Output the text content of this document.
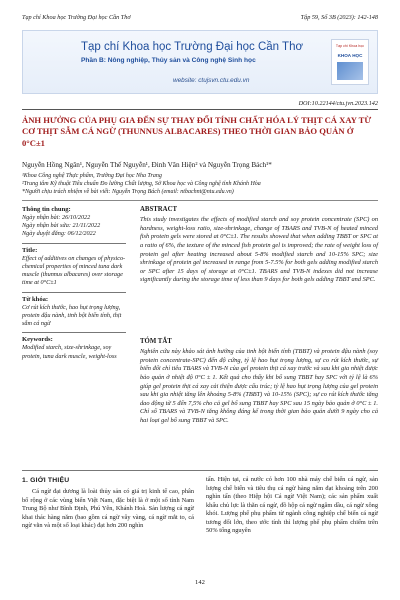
Tạp chí Khoa học Trường Đại học Cần Thơ	Tập 59, Số 3B (2023): 142-148
Tạp chí Khoa học Trường Đại học Cần Thơ
Phần B: Nông nghiệp, Thủy sản và Công nghệ Sinh học
website: ctujsvn.ctu.edu.vn
Tạp chí Khoa học
KHOA HỌC
DOI:10.22144/ctu.jvn.2023.142
ẢNH HƯỞNG CỦA PHỤ GIA ĐẾN SỰ THAY ĐỔI TÍNH CHẤT HÓA LÝ THỊT CÁ XAY TỪ CƠ THỊT SẪM CÁ NGỪ (THUNNUS ALBACARES) THEO THỜI GIAN BẢO QUẢN Ở 0°C±1
Nguyễn Hồng Ngân¹, Nguyễn Thế Nguyễn¹, Đinh Văn Hiện² và Nguyễn Trọng Bách¹*
¹Khoa Công nghệ Thực phẩm, Trường Đại học Nha Trang
²Trung tâm Kỹ thuật Tiêu chuẩn Đo lường Chất lượng, Sở Khoa học và Công nghệ tỉnh Khánh Hòa
*Người chịu trách nhiệm về bài viết: Nguyễn Trọng Bách (email: ntbachnt@ntu.edu.vn)
Thông tin chung:
Ngày nhận bài: 26/10/2022
Ngày nhận bài sửa: 21/11/2022
Ngày duyệt đăng: 06/12/2022
Title:
Effect of additives on changes of physico-chemical properties of minced tuna dark muscle (thunnus albacares) over storage time at 0°C±1
Từ khóa:
Cơ rút kích thước, hao hụt trọng lượng, protein đậu nành, tinh bột biến tính, thịt sẫm cá ngừ
Keywords:
Modified starch, size-shrinkage, soy protein, tuna dark muscle, weight-loss
ABSTRACT

This study investigates the effects of modified starch and soy protein concentrate (SPC) on hardness, weight-loss ratio, size-shrinkage, change of TBARS and TVB-N of heated minced fish protein gels were stored at 0°C±1. The results showed that when adding TBBT or SPC at a ratio of 6%, the texture of the minced fish protein gel is improved; the rate of weight loss of protein gel after heating increased about 5-8% modified starch and 10-15% SPC; size shrinkage of protein gel increased in range from 5-7.5% for both gels adding modified starch or SPC after 15 days of storage at 0°C±1. TBARS and TVB-N indexes did not increase significantly during the storage time of less than 9 days for both gels adding TBBT and SPC.

TÓM TẮT

Nghiên cứu này khảo sát ảnh hưởng của tinh bột biến tính (TBBT) và protein đậu nành (soy protein concentrate-SPC) đến độ cứng, tỷ lệ hao hụt trọng lượng, sự co rút kích thước, sự biến đổi chỉ tiêu TBARS và TVB-N của gel protein thịt cá xay trước và sau khi gia nhiệt được bảo quản ở nhiệt độ 0°C ± 1. Kết quả cho thấy khi bổ sung TBBT hay SPC với tỷ lệ là 6% giúp gel protein thịt cá xay cải thiện được cấu trúc; tỷ lệ hao hụt trọng lượng của gel protein sau khi gia nhiệt tăng lên khoảng 5-8% (TBBT) và 10-15% (SPC); sự co rút kích thước tăng dao động từ 5 đến 7,5% cho cả gel bổ sung TBBT hay SPC sau 15 ngày bảo quản ở 0°C ± 1. Chỉ số TBARS và TVB-N tăng không đáng kể trong thời gian bảo quản dưới 9 ngày cho cả hai loại gel bổ sung TBBT và SPC.

1. GIỚI THIỆU

Cá ngừ đại dương là loài thủy sản có giá trị kinh tế cao, phân bố rộng ở các vùng biển Việt Nam, đặc biệt là ở một số tỉnh Nam Trung Bộ như Bình Định, Phú Yên, Khánh Hoà. Sản lượng cá ngừ khai thác hàng năm (bao gồm cá ngừ vây vàng, cá ngừ mắt to, cá ngừ vằn và một số loại khác) đạt hơn 200 nghìn

tấn. Hiện tại, cả nước có hơn 100 nhà máy chế biến cá ngừ, sản lượng chế biến và tiêu thụ cá ngừ hàng năm đạt khoảng trên 200 nghìn tấn (theo Hiệp hội Cá ngừ Việt Nam); các sản phẩm xuất khẩu chủ lực là thăn cá ngừ, đồ hộp cá ngừ ngâm dầu, cá ngừ xông khói. Lượng phế phụ phẩm từ ngành công nghiệp chế biến cá ngừ tương đối lớn, theo ước tính thì lượng phế phụ phẩm chiếm trên 50% tổng nguyên

142
